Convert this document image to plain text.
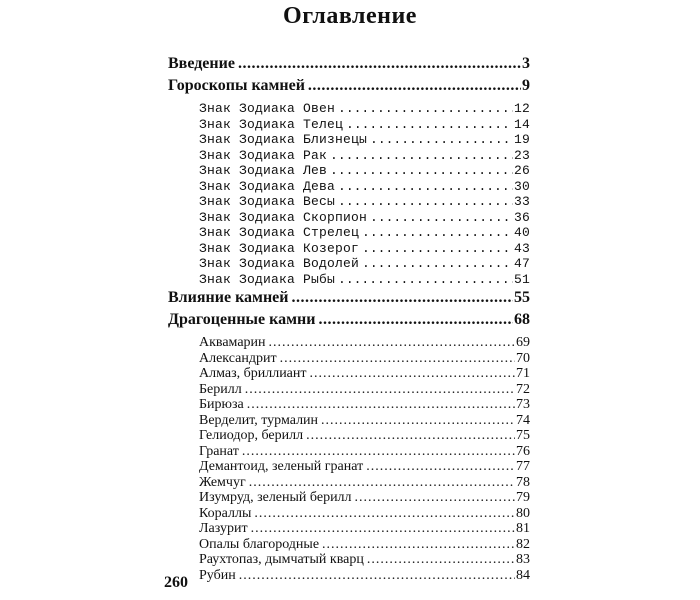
Оглавление
Введение .....	3
Гороскопы камней .....	9
Знак Зодиака Овен .....	12
Знак Зодиака Телец .....	14
Знак Зодиака Близнецы .....	19
Знак Зодиака Рак .....	23
Знак Зодиака Лев .....	26
Знак Зодиака Дева .....	30
Знак Зодиака Весы .....	33
Знак Зодиака Скорпион .....	36
Знак Зодиака Стрелец .....	40
Знак Зодиака Козерог .....	43
Знак Зодиака Водолей .....	47
Знак Зодиака Рыбы .....	51
Влияние камней .....	55
Драгоценные камни .....	68
Аквамарин .....	69
Александрит .....	70
Алмаз, бриллиант .....	71
Берилл .....	72
Бирюза .....	73
Верделит, турмалин .....	74
Гелиодор, берилл .....	75
Гранат .....	76
Демантоид, зеленый гранат .....	77
Жемчуг .....	78
Изумруд, зеленый берилл .....	79
Кораллы .....	80
Лазурит .....	81
Опалы благородные .....	82
Раухтопаз, дымчатый кварц .....	83
Рубин .....	84
260
